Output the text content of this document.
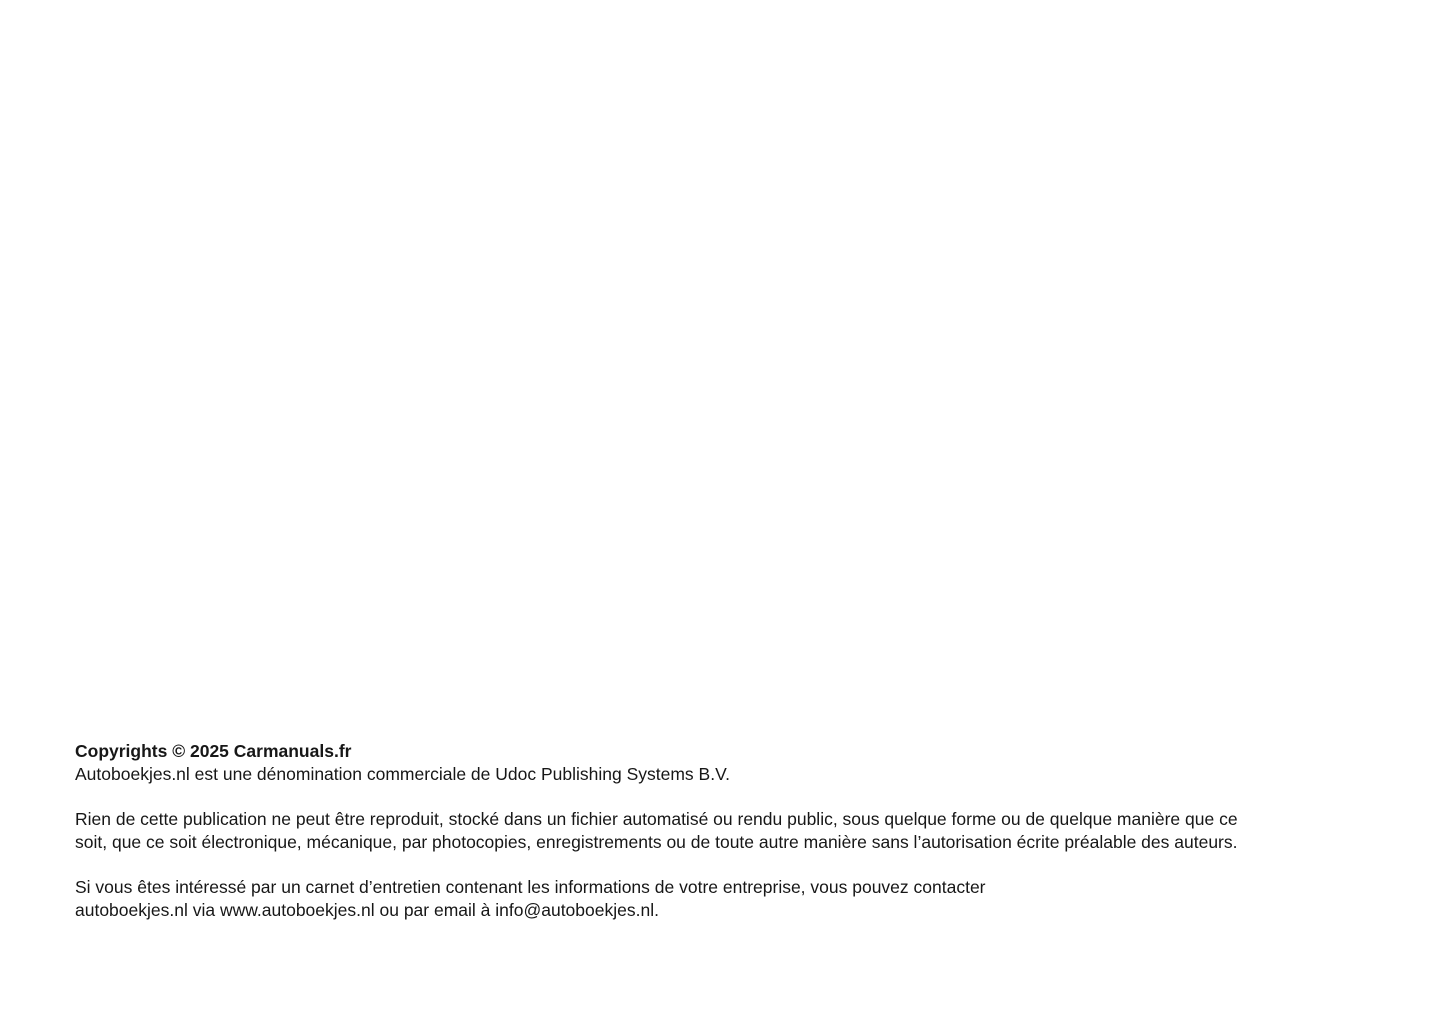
Copyrights © 2025 Carmanuals.fr
Autoboekjes.nl est une dénomination commerciale de Udoc Publishing Systems B.V.
Rien de cette publication ne peut être reproduit, stocké dans un fichier automatisé ou rendu public, sous quelque forme ou de quelque manière que ce
soit, que ce soit électronique, mécanique, par photocopies, enregistrements ou de toute autre manière sans l’autorisation écrite préalable des auteurs.
Si vous êtes intéressé par un carnet d’entretien contenant les informations de votre entreprise, vous pouvez contacter
autoboekjes.nl via www.autoboekjes.nl ou par email à info@autoboekjes.nl.
